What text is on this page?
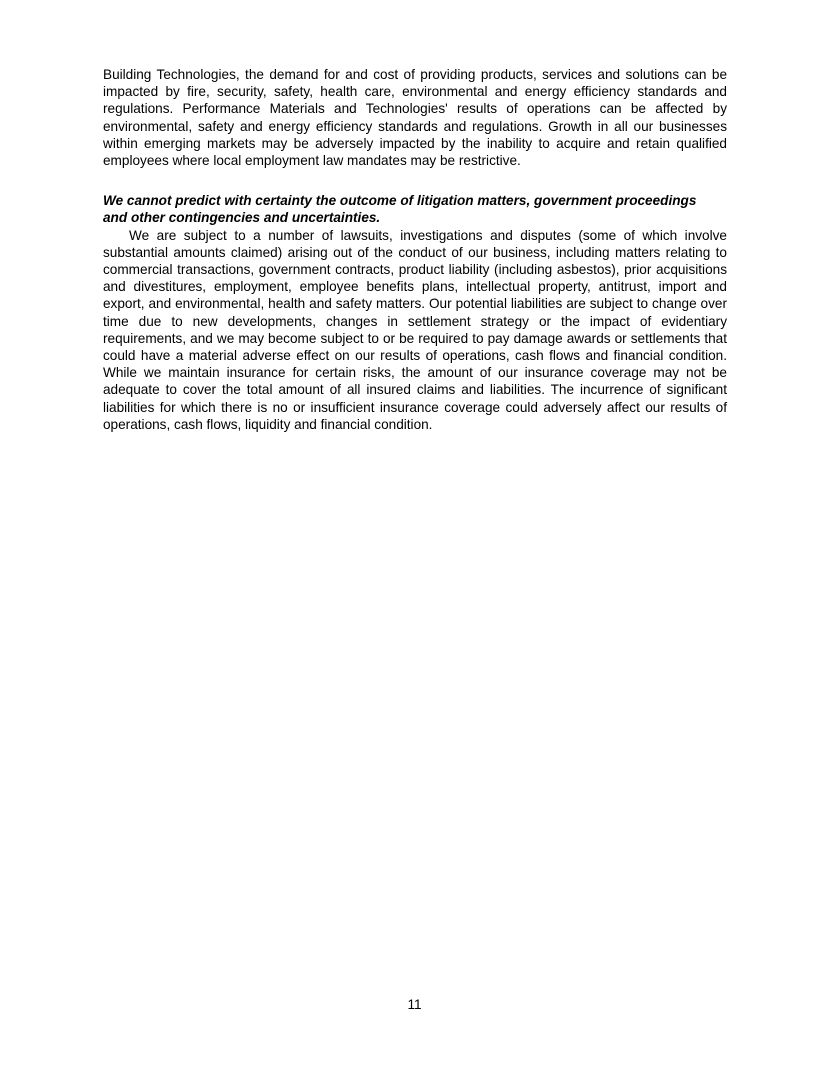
Building Technologies, the demand for and cost of providing products, services and solutions can be impacted by fire, security, safety, health care, environmental and energy efficiency standards and regulations. Performance Materials and Technologies' results of operations can be affected by environmental, safety and energy efficiency standards and regulations. Growth in all our businesses within emerging markets may be adversely impacted by the inability to acquire and retain qualified employees where local employment law mandates may be restrictive.

We cannot predict with certainty the outcome of litigation matters, government proceedings and other contingencies and uncertainties.

We are subject to a number of lawsuits, investigations and disputes (some of which involve substantial amounts claimed) arising out of the conduct of our business, including matters relating to commercial transactions, government contracts, product liability (including asbestos), prior acquisitions and divestitures, employment, employee benefits plans, intellectual property, antitrust, import and export, and environmental, health and safety matters. Our potential liabilities are subject to change over time due to new developments, changes in settlement strategy or the impact of evidentiary requirements, and we may become subject to or be required to pay damage awards or settlements that could have a material adverse effect on our results of operations, cash flows and financial condition. While we maintain insurance for certain risks, the amount of our insurance coverage may not be adequate to cover the total amount of all insured claims and liabilities. The incurrence of significant liabilities for which there is no or insufficient insurance coverage could adversely affect our results of operations, cash flows, liquidity and financial condition.

11
